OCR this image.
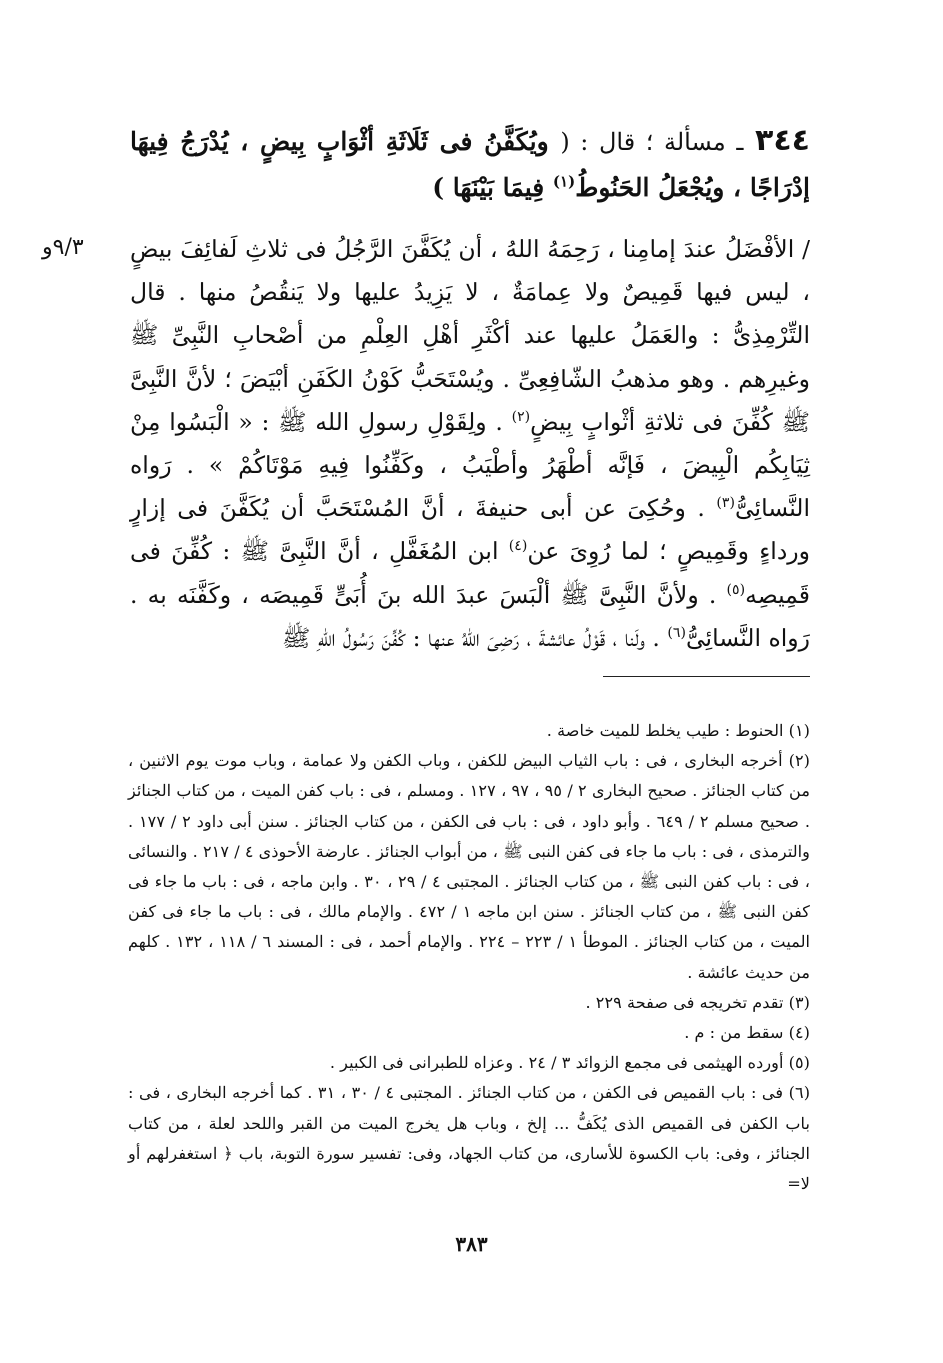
٣٤٤ ـ مسألة ؛ قال : ( ويُكَفَّنُ فى ثَلَاثَةِ أثْوَابٍ بِيضٍ ، يُدْرَجُ فِيهَا إدْرَاجًا ، ويُجْعَلُ الحَنُوطُ$^{(١)}$ فِيمَا بَيْنَهَا )
٩/٣و / الأفْضَلُ عندَ إمامِنا ، رَحِمَهُ اللهُ ، أن يُكَفَّنَ الرَّجُلُ فى ثلاثِ لَفائِفَ بيضٍ ، ليس فيها قَمِيصٌ ولا عِمامَةٌ ، لا يَزِيدُ عليها ولا يَنقُصُ منها . قال التِّرْمِذِىُّ : والعَمَلُ عليها عند أكْثَرِ أهْلِ العِلْمِ من أصْحابِ النَّبِىِّ ﷺ وغيرِهم . وهو مذهبُ الشّافِعِىِّ . ويُسْتَحَبُّ كَوْنُ الكَفَنِ أبْيَضَ ؛ لأنَّ النَّبِىَّ ﷺ كُفِّنَ فى ثلاثةِ أثْوابٍ بِيضٍ$^{(٢)}$ . ولِقَوْلِ رسولِ الله ﷺ : « الْبَسُوا مِنْ ثِيَابِكُم الْبِيضَ ، فَإنَّه أطْهَرُ وأطْيَبُ ، وكَفِّنُوا فِيهِ مَوْتَاكُمْ » . رَواه النَّسائِىُّ$^{(٣)}$ . وحُكِىَ عن أبى حنيفةَ ، أنَّ المُسْتَحَبَّ أن يُكَفَّنَ فى إزارٍ ورداءٍ وقَمِيصٍ ؛ لما رُوِىَ عن$^{(٤)}$ ابن المُغَفَّلِ ، أنَّ النَّبِىَّ ﷺ : كُفِّنَ فى قَمِيصِه$^{(٥)}$ . ولأنَّ النَّبِىَّ ﷺ ألْبَسَ عبدَ الله بنَ أُبَىٍّ قَمِيصَه ، وكَفَّنَه به . رَواه النَّسائِىُّ$^{(٦)}$ . ولَنا ، قَوْلُ عائشةَ ، رَضِىَ اللهُ عنها : كُفِّنَ رَسُولُ اللهِ ﷺ

(١) الحنوط : طيب يخلط للميت خاصة .

(٢) أخرجه البخارى ، فى : باب الثياب البيض للكفن ، وباب الكفن ولا عمامة ، وباب موت يوم الاثنين ، من كتاب الجنائز . صحيح البخارى ٢ / ٩٥ ، ٩٧ ، ١٢٧ . ومسلم ، فى : باب كفن الميت ، من كتاب الجنائز . صحيح مسلم ٢ / ٦٤٩ . وأبو داود ، فى : باب فى الكفن ، من كتاب الجنائز . سنن أبى داود ٢ / ١٧٧ . والترمذى ، فى : باب ما جاء فى كفن النبى ﷺ ، من أبواب الجنائز . عارضة الأحوذى ٤ / ٢١٧ . والنسائى ، فى : باب كفن النبى ﷺ ، من كتاب الجنائز . المجتبى ٤ / ٢٩ ، ٣٠ . وابن ماجه ، فى : باب ما جاء فى كفن النبى ﷺ ، من كتاب الجنائز . سنن ابن ماجه ١ / ٤٧٢ . والإمام مالك ، فى : باب ما جاء فى كفن الميت ، من كتاب الجنائز . الموطأ ١ / ٢٢٣ – ٢٢٤ . والإمام أحمد ، فى : المسند ٦ / ١١٨ ، ١٣٢ . كلهم من حديث عائشة .

(٣) تقدم تخريجه فى صفحة ٢٢٩ .

(٤) سقط من : م .

(٥) أورده الهيثمى فى مجمع الزوائد ٣ / ٢٤ . وعزاه للطبرانى فى الكبير .

(٦) فى : باب القميص فى الكفن ، من كتاب الجنائز . المجتبى ٤ / ٣٠ ، ٣١ . كما أخرجه البخارى ، فى : باب الكفن فى القميص الذى يُكَفُّ ... إلخ ، وباب هل يخرج الميت من القبر واللحد لعلة ، من كتاب الجنائز ، وفى: باب الكسوة للأسارى، من كتاب الجهاد، وفى: تفسير سورة التوبة، باب ﴿ استغفرلهم أو لا=

٣٨٣
